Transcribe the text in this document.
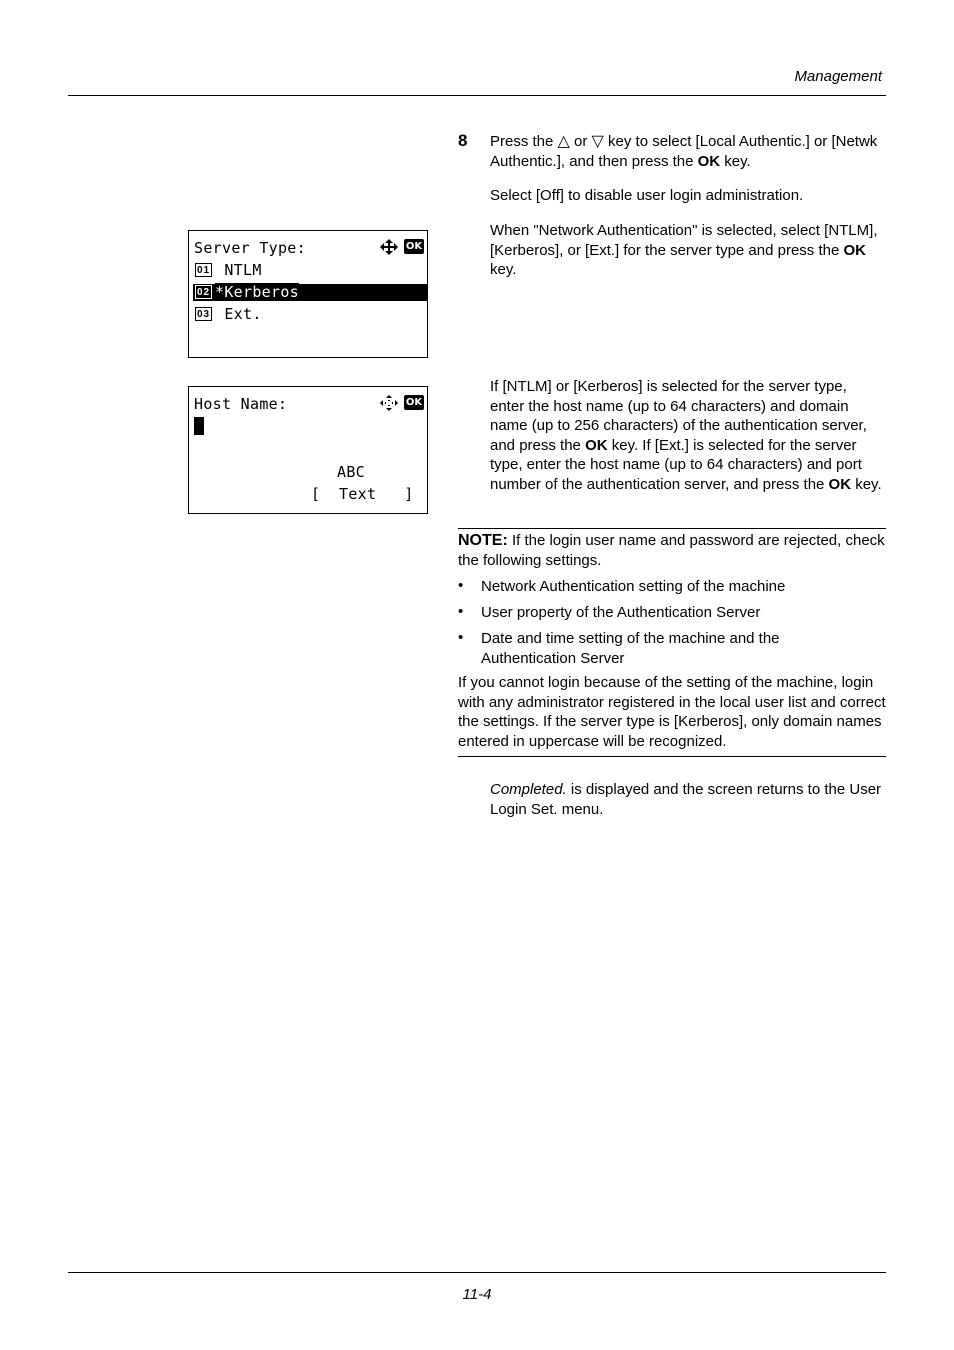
Management
8 Press the △ or ▽ key to select [Local Authentic.] or [Netwk Authentic.], and then press the OK key.
Select [Off] to disable user login administration.
When "Network Authentication" is selected, select [NTLM], [Kerberos], or [Ext.] for the server type and press the OK key.
Server Type:	OK
01 NTLM
02 *Kerberos
03 Ext.
If [NTLM] or [Kerberos] is selected for the server type, enter the host name (up to 64 characters) and domain name (up to 256 characters) of the authentication server, and press the OK key. If [Ext.] is selected for the server type, enter the host name (up to 64 characters) and port number of the authentication server, and press the OK key.
Host Name:	OK
ABC
[  Text   ]
NOTE: If the login user name and password are rejected, check the following settings.
• Network Authentication setting of the machine
• User property of the Authentication Server
• Date and time setting of the machine and the Authentication Server
If you cannot login because of the setting of the machine, login with any administrator registered in the local user list and correct the settings. If the server type is [Kerberos], only domain names entered in uppercase will be recognized.
Completed. is displayed and the screen returns to the User Login Set. menu.
11-4
